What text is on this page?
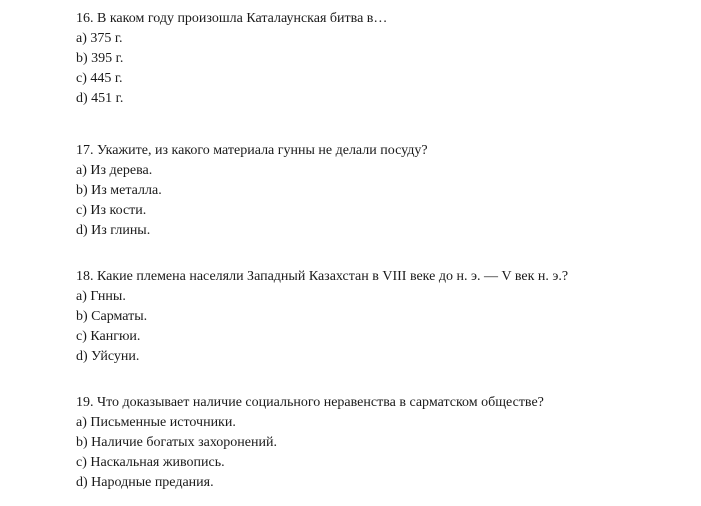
16. В каком году произошла Каталаунская битва в…
a) 375 г.
b) 395 г.
c) 445 г.
d) 451 г.
17. Укажите, из какого материала гунны не делали посуду?
a) Из дерева.
b) Из металла.
c) Из кости.
d) Из глины.
18. Какие племена населяли Западный Казахстан в VIII веке до н. э. — V век н. э.?
a) Гнны.
b) Сарматы.
c) Кангюи.
d) Уйсуни.
19. Что доказывает наличие социального неравенства в сарматском обществе?
a) Письменные источники.
b) Наличие богатых захоронений.
c) Наскальная живопись.
d) Народные предания.
